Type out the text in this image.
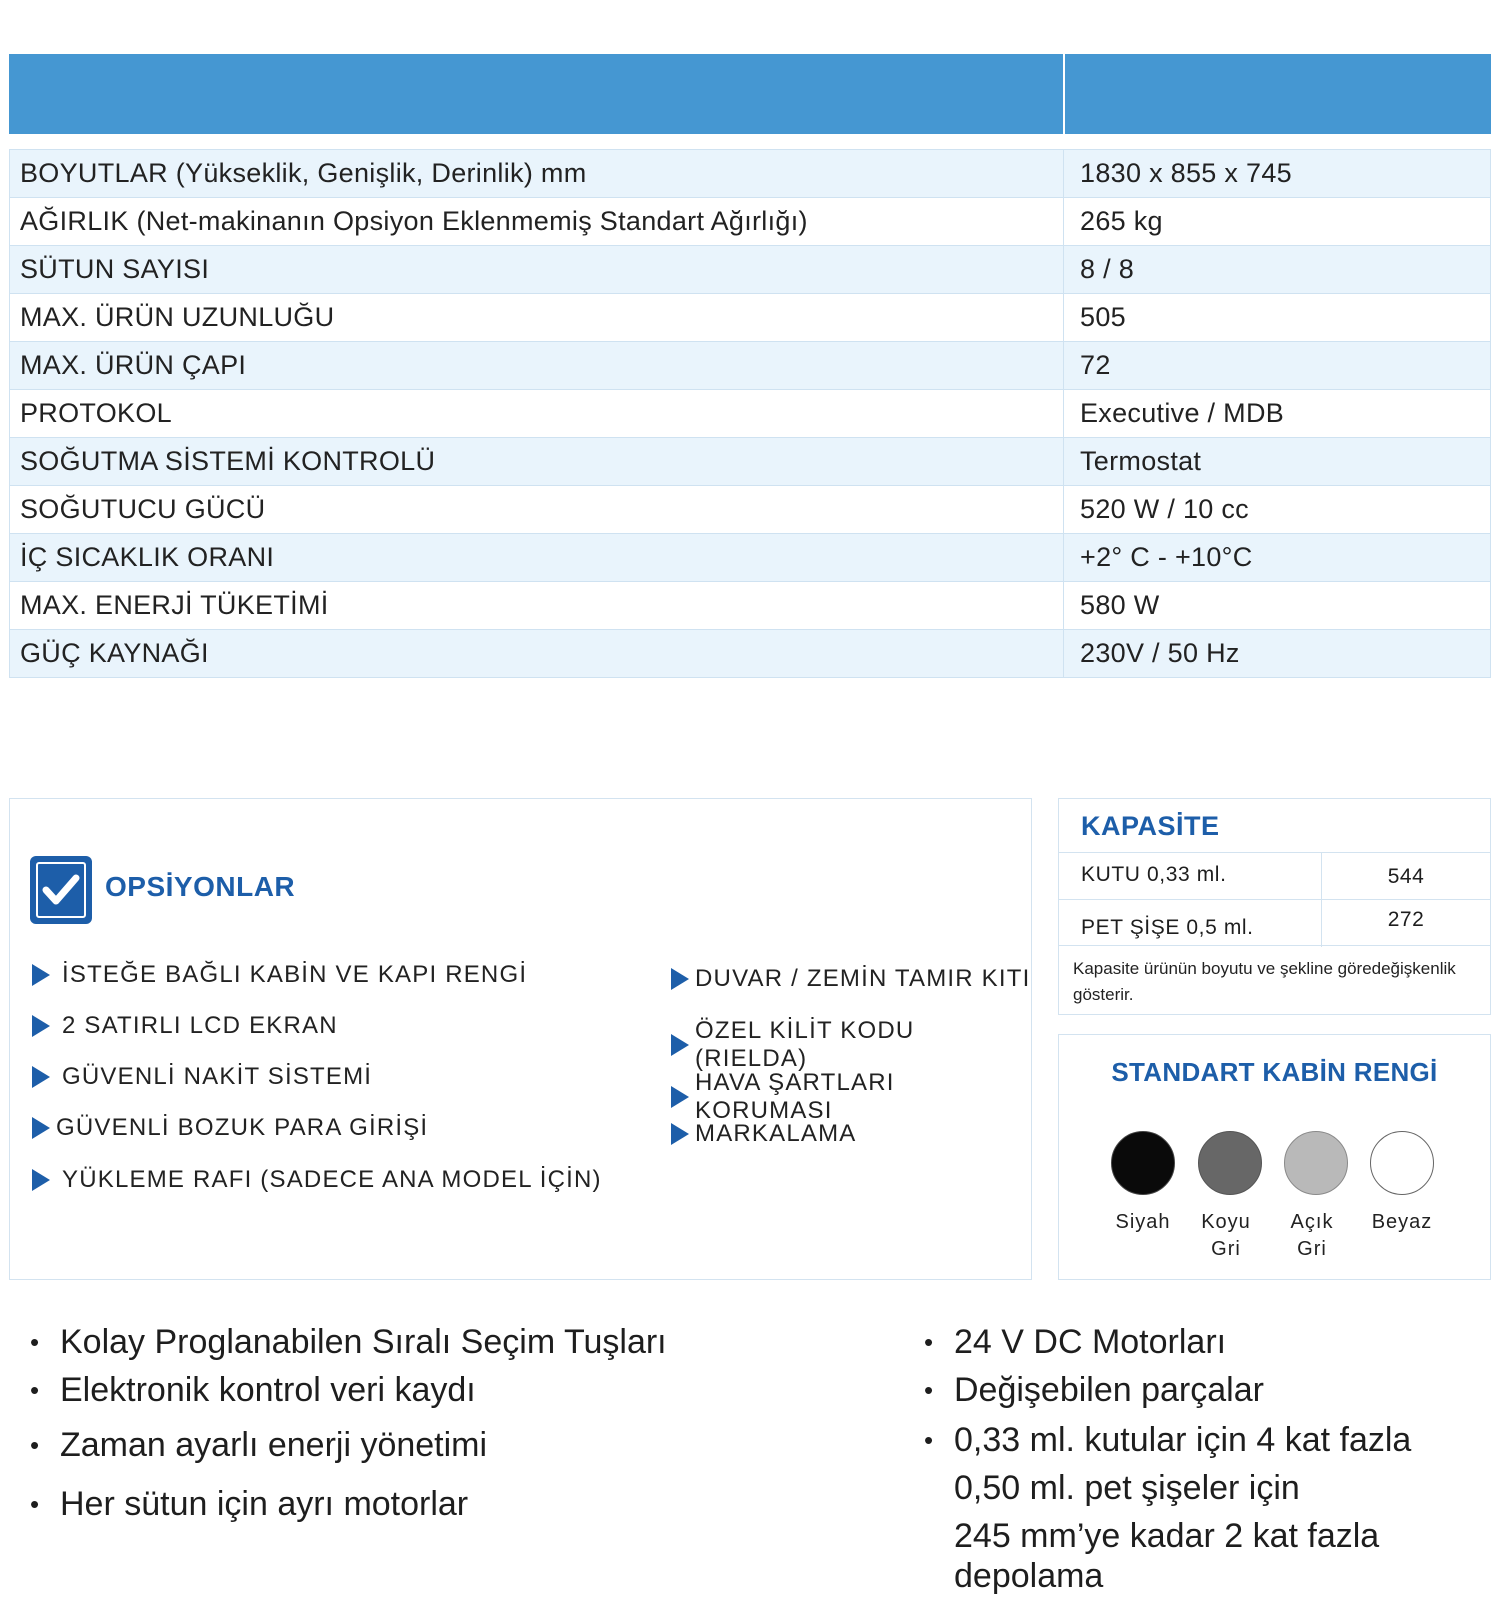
BOYUTLAR (Yükseklik, Genişlik, Derinlik) mm	1830 x 855 x 745
AĞIRLIK (Net-makinanın Opsiyon Eklenmemiş Standart Ağırlığı)	265 kg
SÜTUN SAYISI	8 / 8
MAX. ÜRÜN UZUNLUĞU	505
MAX. ÜRÜN ÇAPI	72
PROTOKOL	Executive / MDB
SOĞUTMA SİSTEMİ KONTROLÜ	Termostat
SOĞUTUCU GÜCÜ	520 W / 10 cc
İÇ SICAKLIK ORANI	+2° C - +10°C
MAX. ENERJİ TÜKETİMİ	580 W
GÜÇ KAYNAĞI	230V / 50 Hz
OPSİYONLAR
İSTEĞE BAĞLI KABİN VE KAPI RENGİ
2 SATIRLI LCD EKRAN
GÜVENLİ NAKİT SİSTEMİ
GÜVENLİ BOZUK PARA GİRİŞİ
YÜKLEME RAFI (SADECE ANA MODEL İÇİN)
DUVAR / ZEMİN TAMIR KITI
ÖZEL KİLİT KODU (RIELDA)
HAVA ŞARTLARI KORUMASI
MARKALAMA
KAPASİTE
KUTU 0,33 ml.	544
PET ŞİŞE 0,5 ml.	272
Kapasite ürünün boyutu ve şekline göredeğişkenlik gösterir.
STANDART KABİN RENGİ
Siyah	Koyu Gri
Açık Gri
Beyaz
• Kolay Proglanabilen Sıralı Seçim Tuşları
• Elektronik kontrol veri kaydı
• Zaman ayarlı enerji yönetimi
• Her sütun için ayrı motorlar
• 24 V DC Motorları
• Değişebilen parçalar
• 0,33 ml. kutular için 4 kat fazla
0,50 ml. pet şişeler için
245 mm’ye kadar 2 kat fazla depolama
